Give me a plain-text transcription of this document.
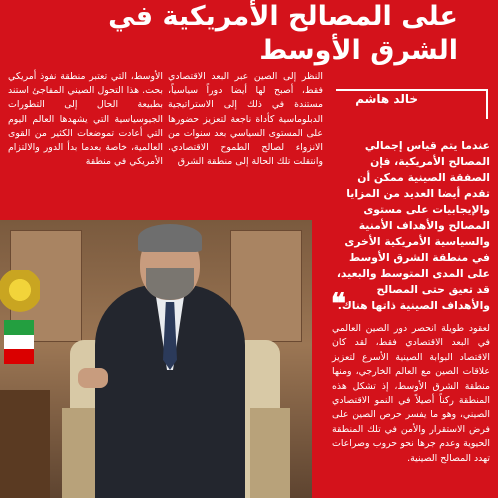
على المصالح الأمريكية في الشرق الأوسط
خالد هاشم
النظر إلى الصين عبر البعد الاقتصادي فقط، أصبح لها أيضا دوراً سياسياً، مستندة في ذلك إلى الاستراتيجية الدبلوماسية كأداة ناجعة لتعزيز حضورها على المستوى السياسي بعد سنوات من الانزواء لصالح الطموح الاقتصادي. وانتقلت تلك الحالة إلى منطقة الشرق
الأوسط، التي تعتبر منطقة نفوذ أمريكي بحت. هذا التحول الصيني المفاجئ استند بطبيعة الحال إلى التطورات الجيوسياسية التي يشهدها العالم اليوم التي أعادت تموضعات الكثير من القوى العالمية، خاصة بعدما بدأ الدور والالتزام الأمريكي في منطقة
عندما يتم قياس إجمالي المصالح الأمريكية، فإن الصفقة الصينية ممكن أن تقدم أيضا العديد من المزايا والإيجابيات على مستوى المصالح والأهداف الأمنية والسياسية الأمريكية الأخرى في منطقة الشرق الأوسط على المدى المتوسط والبعيد، قد تعيق حتى المصالح والأهداف الصينية ذاتها هناك.
❝
لعقود طويلة انحصر دور الصين العالمي في البعد الاقتصادي فقط، لقد كان الاقتصاد البوابة الصينية الأسرع لتعزيز علاقات الصين مع العالم الخارجي، ومنها منطقة الشرق الأوسط، إذ تشكل هذه المنطقة ركناً أصيلاً في النمو الاقتصادي الصيني، وهو ما يفسر حرص الصين على فرض الاستقرار والأمن في تلك المنطقة الحيوية وعدم جرها نحو حروب وصراعات تهدد المصالح الصينية.
